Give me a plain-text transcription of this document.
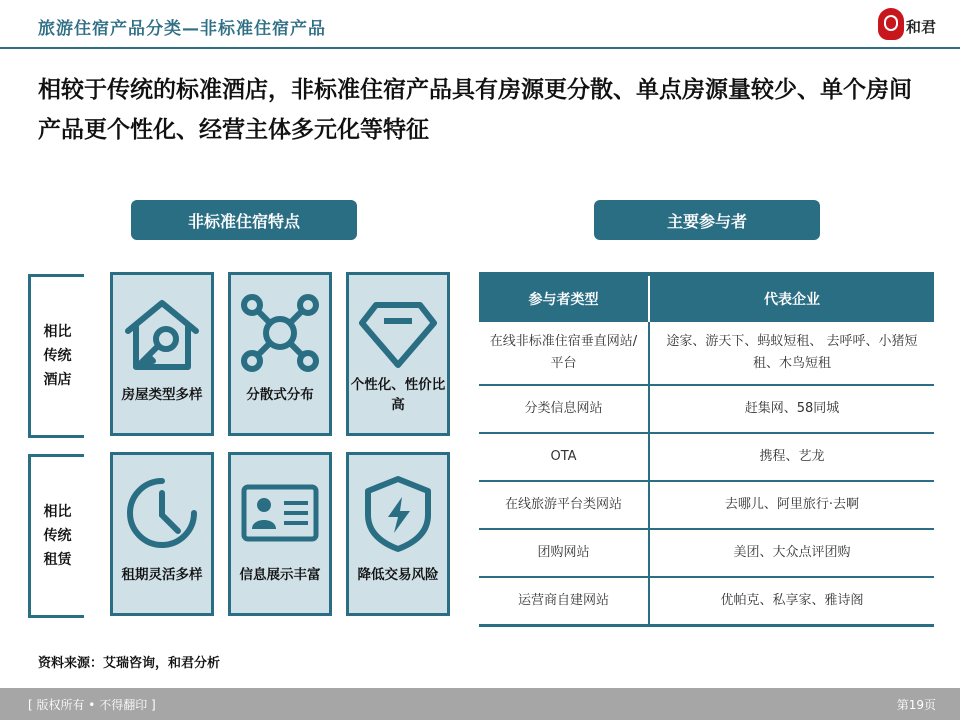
旅游住宿产品分类—非标准住宿产品	和君
相较于传统的标准酒店，非标准住宿产品具有房源更分散、单点房源量较少、单个房间产品更个性化、经营主体多元化等特征
非标准住宿特点	主要参与者
相比传统酒店
房屋类型多样	分散式分布
个性化、性价比高
相比传统租赁
租期灵活多样	信息展示丰富	降低交易风险
参与者类型	代表企业
在线非标准住宿垂直网站/平台	途家、游天下、蚂蚁短租、 去呼呼、小猪短租、木鸟短租
分类信息网站	赶集网、58同城
OTA	携程、艺龙
在线旅游平台类网站	去哪儿、阿里旅行·去啊
团购网站	美团、大众点评团购
运营商自建网站	优帕克、私享家、雅诗阁
资料来源：艾瑞咨询，和君分析
[ 版权所有 • 不得翻印 ]	第19页
